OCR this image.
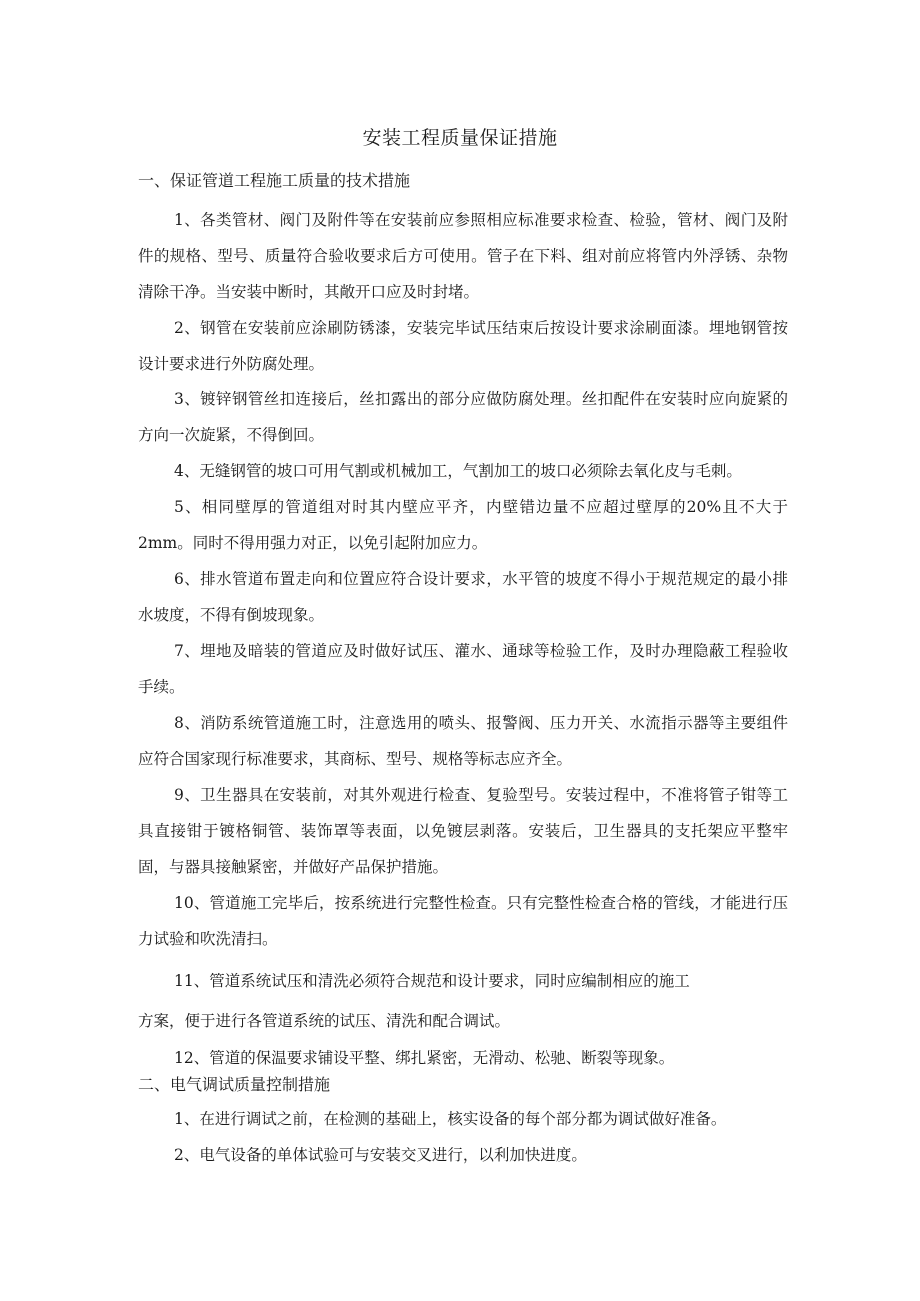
安装工程质量保证措施
一、保证管道工程施工质量的技术措施
1、各类管材、阀门及附件等在安装前应参照相应标准要求检查、检验，管材、阀门及附件的规格、型号、质量符合验收要求后方可使用。管子在下料、组对前应将管内外浮锈、杂物清除干净。当安装中断时，其敞开口应及时封堵。
2、钢管在安装前应涂刷防锈漆，安装完毕试压结束后按设计要求涂刷面漆。埋地钢管按设计要求进行外防腐处理。
3、镀锌钢管丝扣连接后，丝扣露出的部分应做防腐处理。丝扣配件在安装时应向旋紧的方向一次旋紧，不得倒回。
4、无缝钢管的坡口可用气割或机械加工，气割加工的坡口必须除去氧化皮与毛刺。
5、相同壁厚的管道组对时其内壁应平齐，内壁错边量不应超过壁厚的20%且不大于2mm。同时不得用强力对正，以免引起附加应力。
6、排水管道布置走向和位置应符合设计要求，水平管的坡度不得小于规范规定的最小排水坡度，不得有倒坡现象。
7、埋地及暗装的管道应及时做好试压、灌水、通球等检验工作，及时办理隐蔽工程验收手续。
8、消防系统管道施工时，注意选用的喷头、报警阀、压力开关、水流指示器等主要组件应符合国家现行标准要求，其商标、型号、规格等标志应齐全。
9、卫生器具在安装前，对其外观进行检查、复验型号。安装过程中，不准将管子钳等工具直接钳于镀格铜管、装饰罩等表面，以免镀层剥落。安装后，卫生器具的支托架应平整牢固，与器具接触紧密，并做好产品保护措施。
10、管道施工完毕后，按系统进行完整性检查。只有完整性检查合格的管线，才能进行压力试验和吹洗清扫。
11、管道系统试压和清洗必须符合规范和设计要求，同时应编制相应的施工
方案，便于进行各管道系统的试压、清洗和配合调试。
12、管道的保温要求铺设平整、绑扎紧密，无滑动、松驰、断裂等现象。
二、电气调试质量控制措施
1、在进行调试之前，在检测的基础上，核实设备的每个部分都为调试做好准备。
2、电气设备的单体试验可与安装交叉进行，以利加快进度。
